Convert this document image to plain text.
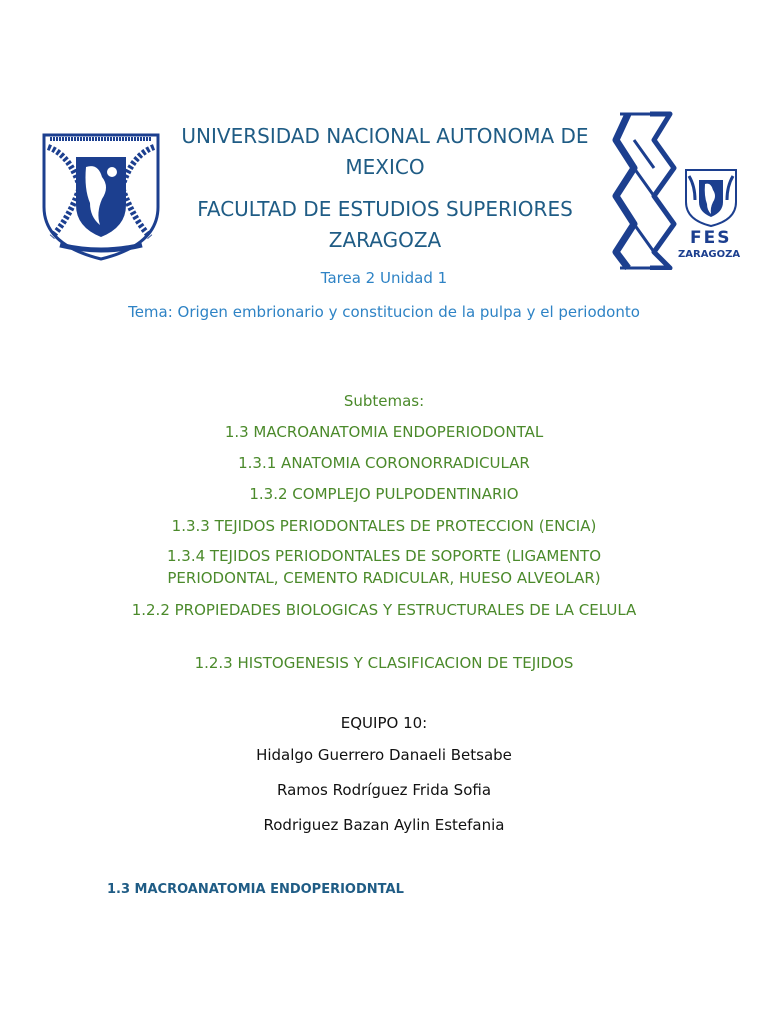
FES
ZARAGOZA
UNIVERSIDAD NACIONAL AUTONOMA DE MEXICO
FACULTAD DE ESTUDIOS SUPERIORES ZARAGOZA
Tarea 2 Unidad 1
Tema: Origen embrionario y constitucion de la pulpa y el periodonto
Subtemas:
1.3 MACROANATOMIA ENDOPERIODONTAL
1.3.1 ANATOMIA CORONORRADICULAR
1.3.2 COMPLEJO PULPODENTINARIO
1.3.3 TEJIDOS PERIODONTALES DE PROTECCION (ENCIA)
1.3.4 TEJIDOS PERIODONTALES DE SOPORTE (LIGAMENTO PERIODONTAL, CEMENTO RADICULAR, HUESO ALVEOLAR)
1.2.2 PROPIEDADES BIOLOGICAS Y ESTRUCTURALES DE LA CELULA
1.2.3 HISTOGENESIS Y CLASIFICACION DE TEJIDOS
EQUIPO 10:
Hidalgo Guerrero Danaeli Betsabe
Ramos Rodríguez Frida Sofia
Rodriguez Bazan Aylin Estefania
1.3 MACROANATOMIA ENDOPERIODNTAL
